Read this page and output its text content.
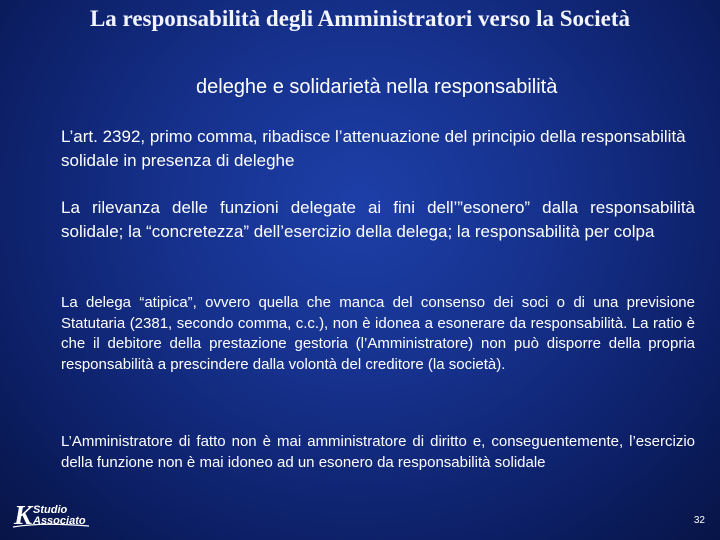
La responsabilità degli Amministratori verso la Società
deleghe e solidarietà nella responsabilità

L’art. 2392, primo comma, ribadisce l’attenuazione del principio della responsabilità solidale in presenza di deleghe

La rilevanza delle funzioni delegate ai fini dell’”esonero” dalla responsabilità solidale; la “concretezza” dell’esercizio della delega; la responsabilità per colpa

La delega “atipica”, ovvero quella che manca del consenso dei soci o di una previsione Statutaria (2381, secondo comma, c.c.), non è idonea a esonerare da responsabilità. La ratio è che il debitore della prestazione gestoria (l’Amministratore) non può disporre della propria responsabilità a prescindere dalla volontà del creditore (la società).

L’Amministratore di fatto non è mai amministratore di diritto e, conseguentemente, l’esercizio della funzione non è mai idoneo ad un esonero da responsabilità solidale

K Studio
Associato	32
